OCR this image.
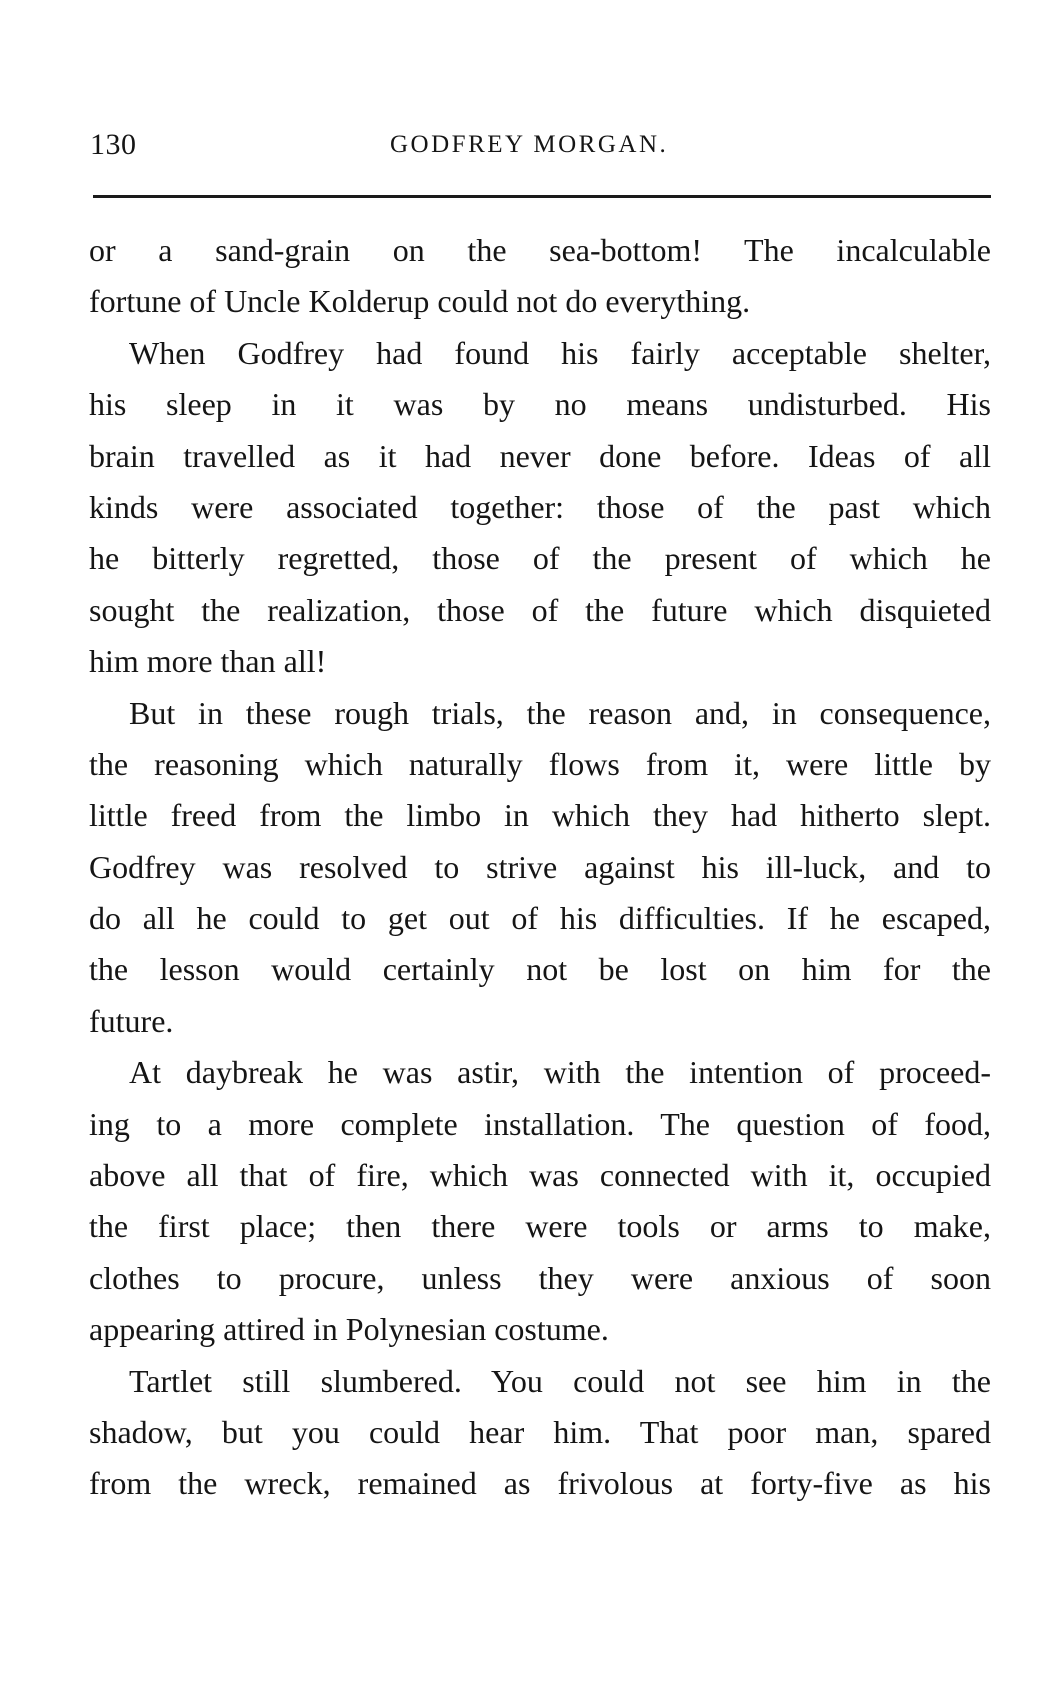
130	GODFREY MORGAN.
or a sand-grain on the sea-bottom! The incalculable
fortune of Uncle Kolderup could not do everything.
When Godfrey had found his fairly acceptable shelter,
his sleep in it was by no means undisturbed. His
brain travelled as it had never done before. Ideas of all
kinds were associated together: those of the past which
he bitterly regretted, those of the present of which he
sought the realization, those of the future which disquieted
him more than all!
But in these rough trials, the reason and, in consequence,
the reasoning which naturally flows from it, were little by
little freed from the limbo in which they had hitherto slept.
Godfrey was resolved to strive against his ill-luck, and to
do all he could to get out of his difficulties. If he escaped,
the lesson would certainly not be lost on him for the
future.
At daybreak he was astir, with the intention of proceed-
ing to a more complete installation. The question of food,
above all that of fire, which was connected with it, occupied
the first place; then there were tools or arms to make,
clothes to procure, unless they were anxious of soon
appearing attired in Polynesian costume.
Tartlet still slumbered. You could not see him in the
shadow, but you could hear him. That poor man, spared
from the wreck, remained as frivolous at forty-five as his
